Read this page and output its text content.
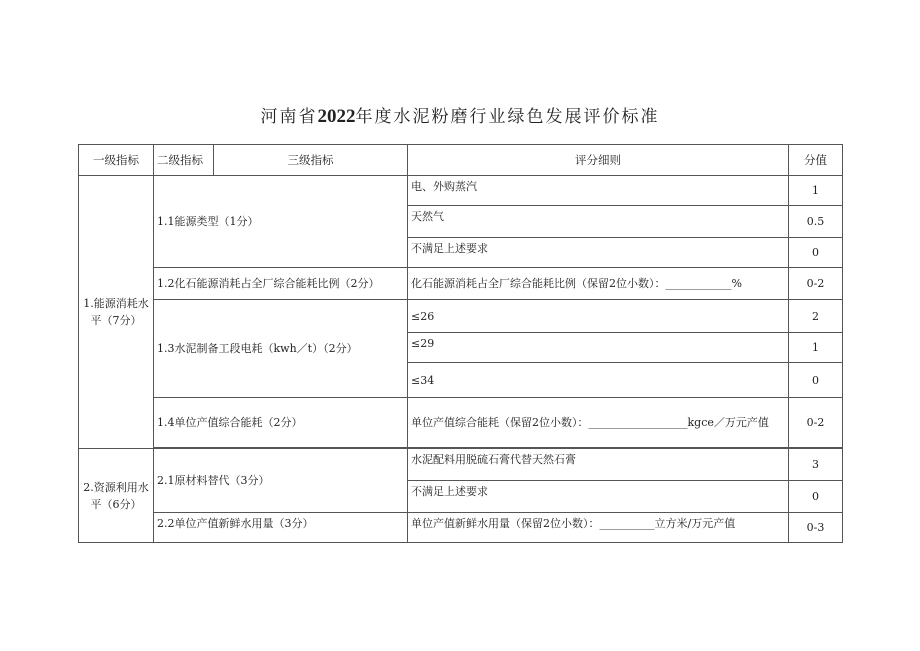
河南省2022年度水泥粉磨行业绿色发展评价标准
一级指标	二级指标	三级指标	评分细则	分值
1.能源消耗水平（7分）	1.1能源类型（1分）		电、外购蒸汽	1
			天然气	0.5
			不满足上述要求	0
	1.2化石能源消耗占全厂综合能耗比例（2分）		化石能源消耗占全厂综合能耗比例（保留2位小数）：____________%	0-2
	1.3水泥制备工段电耗（kwh／t）（2分）		≤26	2
			≤29	1
			≤34	0
	1.4单位产值综合能耗（2分）		单位产值综合能耗（保留2位小数）：__________________kgce／万元产值	0-2

2.资源利用水平（6分）	2.1原材料替代（3分）		水泥配料用脱硫石膏代替天然石膏	3
			不满足上述要求	0
	2.2单位产值新鲜水用量（3分）		单位产值新鲜水用量（保留2位小数）：__________立方米/万元产值	0-3
